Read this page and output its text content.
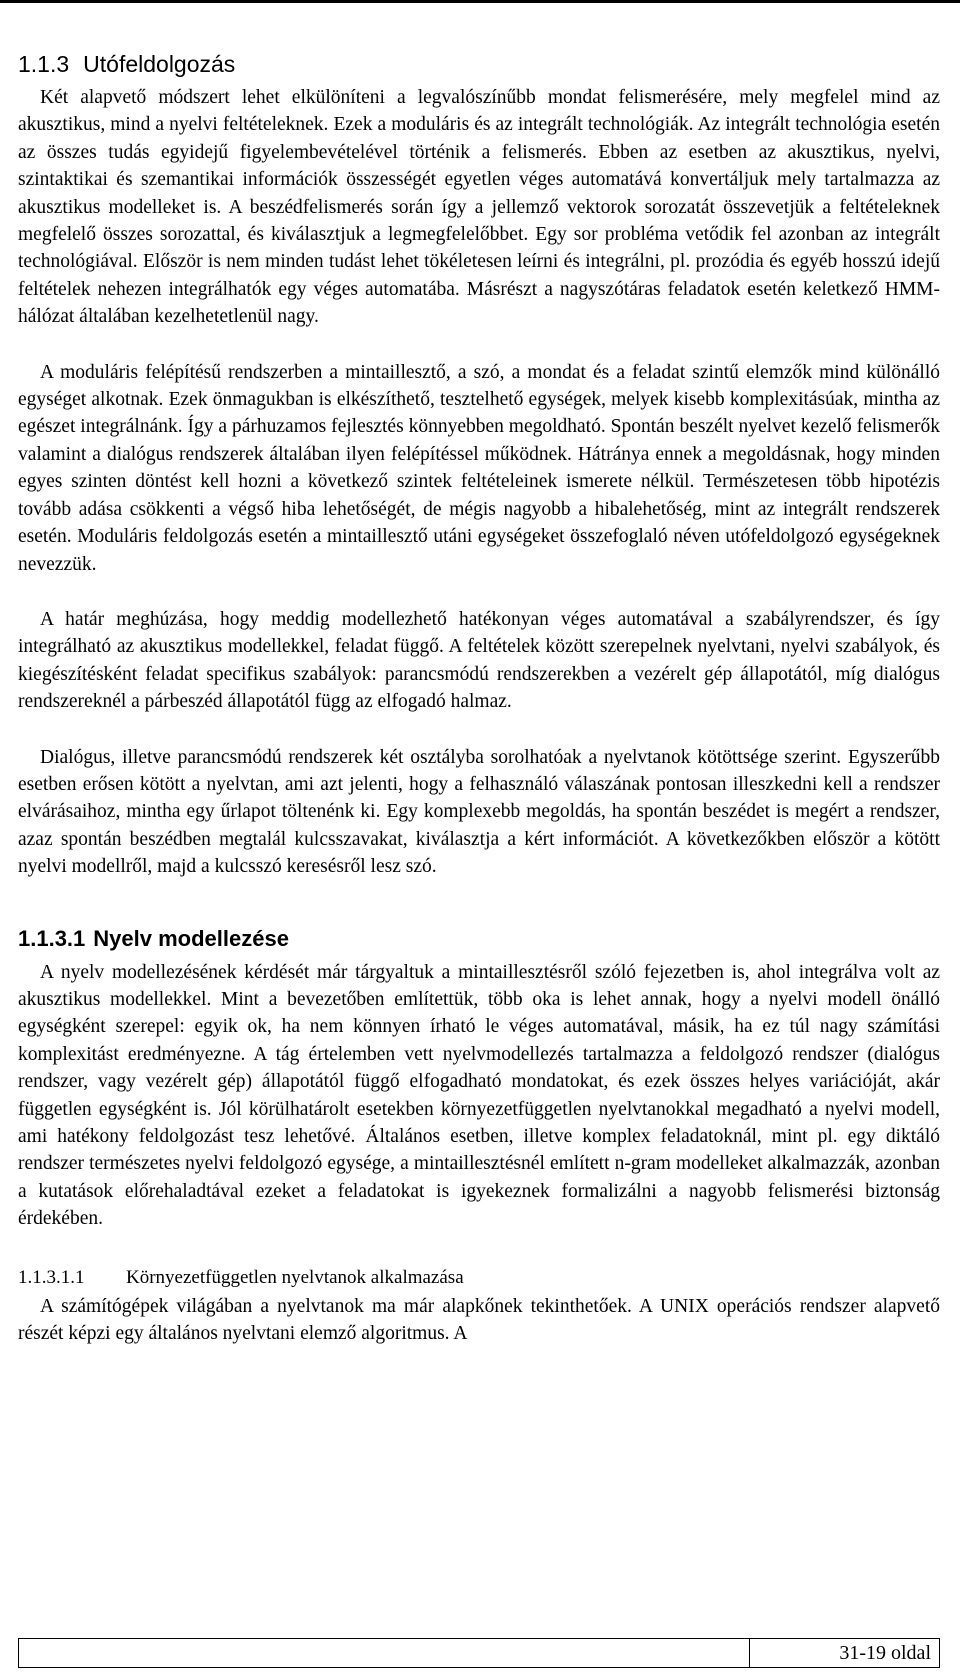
1.1.3 Utófeldolgozás

Két alapvető módszert lehet elkülöníteni a legvalószínűbb mondat felismerésére, mely megfelel mind az akusztikus, mind a nyelvi feltételeknek. Ezek a moduláris és az integrált technológiák. Az integrált technológia esetén az összes tudás egyidejű figyelembevételével történik a felismerés. Ebben az esetben az akusztikus, nyelvi, szintaktikai és szemantikai információk összességét egyetlen véges automatává konvertáljuk mely tartalmazza az akusztikus modelleket is. A beszédfelismerés során így a jellemző vektorok sorozatát összevetjük a feltételeknek megfelelő összes sorozattal, és kiválasztjuk a legmegfelelőbbet. Egy sor probléma vetődik fel azonban az integrált technológiával. Először is nem minden tudást lehet tökéletesen leírni és integrálni, pl. prozódia és egyéb hosszú idejű feltételek nehezen integrálhatók egy véges automatába. Másrészt a nagyszótáras feladatok esetén keletkező HMM-hálózat általában kezelhetetlenül nagy.

A moduláris felépítésű rendszerben a mintaillesztő, a szó, a mondat és a feladat szintű elemzők mind különálló egységet alkotnak. Ezek önmagukban is elkészíthető, tesztelhető egységek, melyek kisebb komplexitásúak, mintha az egészet integrálnánk. Így a párhuzamos fejlesztés könnyebben megoldható. Spontán beszélt nyelvet kezelő felismerők valamint a dialógus rendszerek általában ilyen felépítéssel működnek. Hátránya ennek a megoldásnak, hogy minden egyes szinten döntést kell hozni a következő szintek feltételeinek ismerete nélkül. Természetesen több hipotézis tovább adása csökkenti a végső hiba lehetőségét, de mégis nagyobb a hibalehetőség, mint az integrált rendszerek esetén. Moduláris feldolgozás esetén a mintaillesztő utáni egységeket összefoglaló néven utófeldolgozó egységeknek nevezzük.

A határ meghúzása, hogy meddig modellezhető hatékonyan véges automatával a szabályrendszer, és így integrálható az akusztikus modellekkel, feladat függő. A feltételek között szerepelnek nyelvtani, nyelvi szabályok, és kiegészítésként feladat specifikus szabályok: parancsmódú rendszerekben a vezérelt gép állapotától, míg dialógus rendszereknél a párbeszéd állapotától függ az elfogadó halmaz.

Dialógus, illetve parancsmódú rendszerek két osztályba sorolhatóak a nyelvtanok kötöttsége szerint. Egyszerűbb esetben erősen kötött a nyelvtan, ami azt jelenti, hogy a felhasználó válaszának pontosan illeszkedni kell a rendszer elvárásaihoz, mintha egy űrlapot töltenénk ki. Egy komplexebb megoldás, ha spontán beszédet is megért a rendszer, azaz spontán beszédben megtalál kulcsszavakat, kiválasztja a kért információt. A következőkben először a kötött nyelvi modellről, majd a kulcsszó keresésről lesz szó.

1.1.3.1 Nyelv modellezése

A nyelv modellezésének kérdését már tárgyaltuk a mintaillesztésről szóló fejezetben is, ahol integrálva volt az akusztikus modellekkel. Mint a bevezetőben említettük, több oka is lehet annak, hogy a nyelvi modell önálló egységként szerepel: egyik ok, ha nem könnyen írható le véges automatával, másik, ha ez túl nagy számítási komplexitást eredményezne. A tág értelemben vett nyelvmodellezés tartalmazza a feldolgozó rendszer (dialógus rendszer, vagy vezérelt gép) állapotától függő elfogadható mondatokat, és ezek összes helyes variációját, akár független egységként is. Jól körülhatárolt esetekben környezetfüggetlen nyelvtanokkal megadható a nyelvi modell, ami hatékony feldolgozást tesz lehetővé. Általános esetben, illetve komplex feladatoknál, mint pl. egy diktáló rendszer természetes nyelvi feldolgozó egysége, a mintaillesztésnél említett n-gram modelleket alkalmazzák, azonban a kutatások előrehaladtával ezeket a feladatokat is igyekeznek formalizálni a nagyobb felismerési biztonság érdekében.

1.1.3.1.1 Környezetfüggetlen nyelvtanok alkalmazása

A számítógépek világában a nyelvtanok ma már alapkőnek tekinthetőek. A UNIX operációs rendszer alapvető részét képzi egy általános nyelvtani elemző algoritmus. A

31-19 oldal
